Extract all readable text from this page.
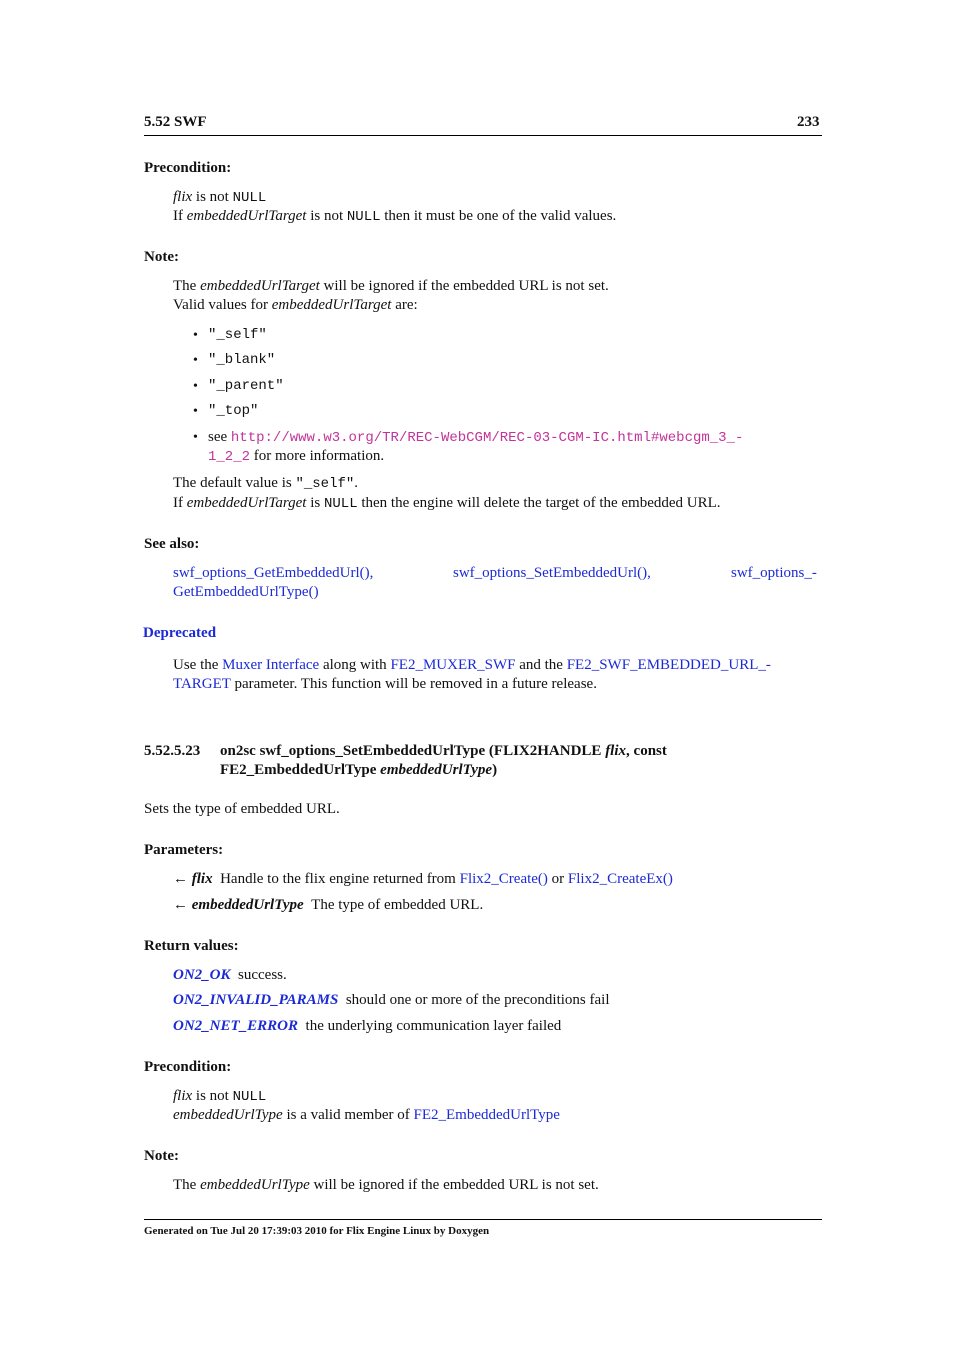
5.52 SWF	233
Precondition:
flix is not NULL
If embeddedUrlTarget is not NULL then it must be one of the valid values.
Note:
The embeddedUrlTarget will be ignored if the embedded URL is not set.
Valid values for embeddedUrlTarget are:
• "_self"
• "_blank"
• "_parent"
• "_top"
• see http://www.w3.org/TR/REC-WebCGM/REC-03-CGM-IC.html#webcgm_3_-
1_2_2 for more information.
The default value is "_self".
If embeddedUrlTarget is NULL then the engine will delete the target of the embedded URL.
See also:
swf_options_GetEmbeddedUrl(),	swf_options_SetEmbeddedUrl(),	swf_options_-
GetEmbeddedUrlType()
Deprecated
Use the Muxer Interface along with FE2_MUXER_SWF and the FE2_SWF_EMBEDDED_URL_-
TARGET parameter. This function will be removed in a future release.
5.52.5.23 on2sc swf_options_SetEmbeddedUrlType (FLIX2HANDLE flix, const
FE2_EmbeddedUrlType embeddedUrlType)
Sets the type of embedded URL.
Parameters:
← flix Handle to the flix engine returned from Flix2_Create() or Flix2_CreateEx()
← embeddedUrlType The type of embedded URL.
Return values:
ON2_OK success.
ON2_INVALID_PARAMS should one or more of the preconditions fail
ON2_NET_ERROR the underlying communication layer failed
Precondition:
flix is not NULL
embeddedUrlType is a valid member of FE2_EmbeddedUrlType
Note:
The embeddedUrlType will be ignored if the embedded URL is not set.
Generated on Tue Jul 20 17:39:03 2010 for Flix Engine Linux by Doxygen
